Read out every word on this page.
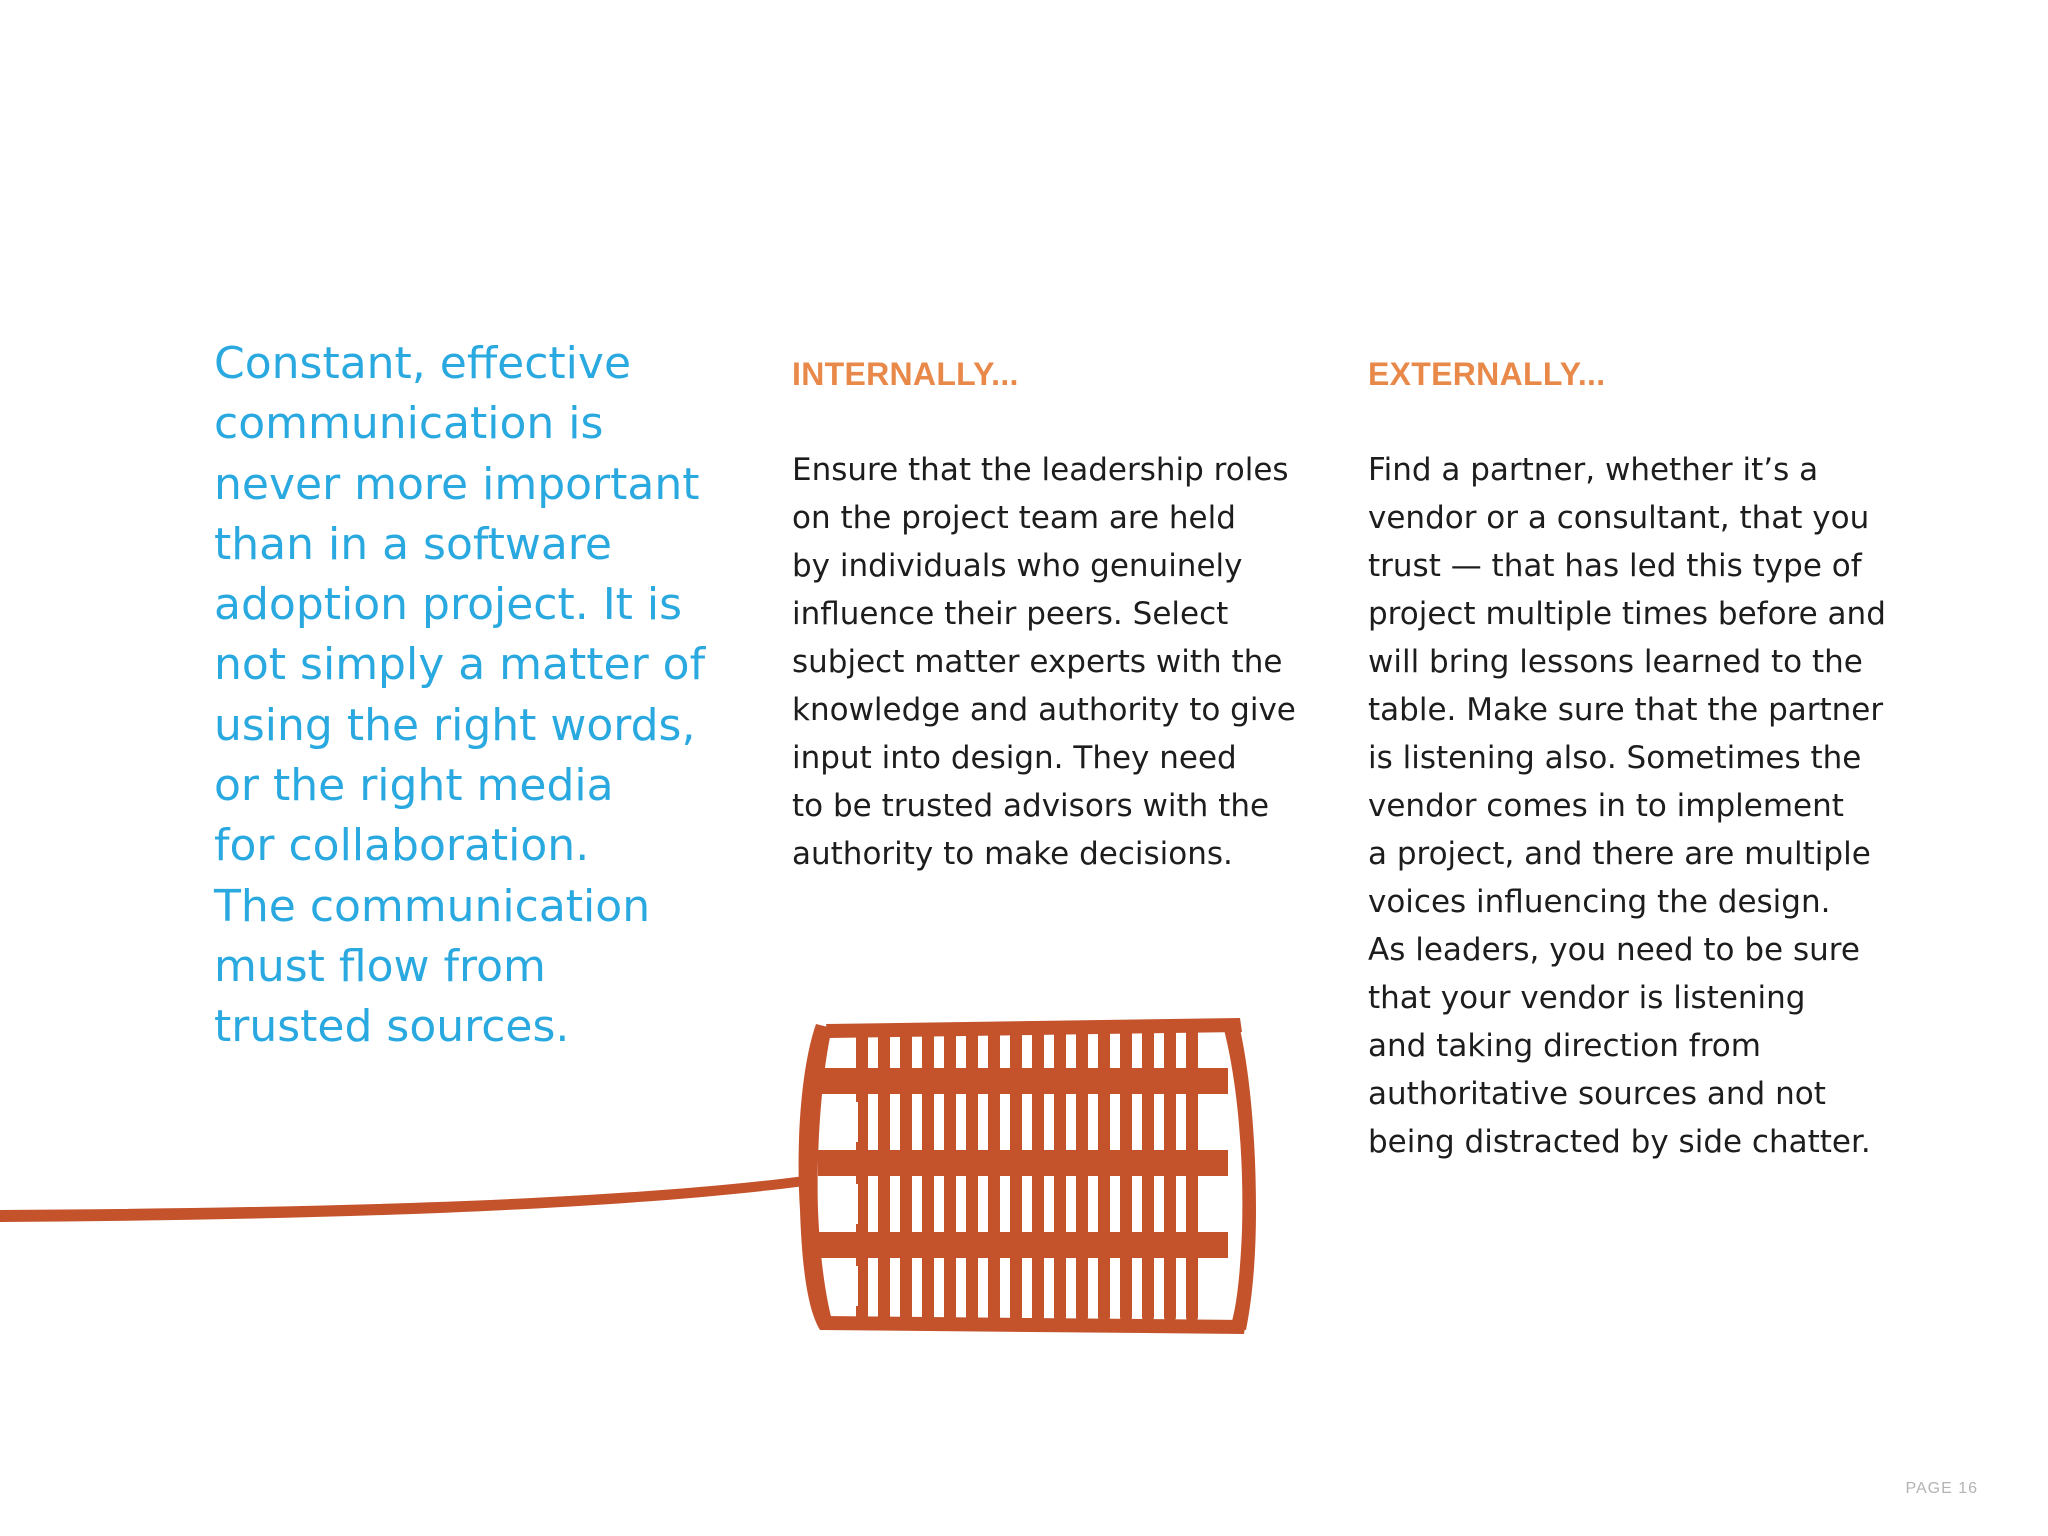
Constant, effective
communication is
never more important
than in a software
adoption project. It is
not simply a matter of
using the right words,
or the right media
for collaboration.
The communication
must flow from
trusted sources.
INTERNALLY...
Ensure that the leadership roles
on the project team are held
by individuals who genuinely
influence their peers. Select
subject matter experts with the
knowledge and authority to give
input into design. They need
to be trusted advisors with the
authority to make decisions.
EXTERNALLY...
Find a partner, whether it’s a
vendor or a consultant, that you
trust — that has led this type of
project multiple times before and
will bring lessons learned to the
table. Make sure that the partner
is listening also. Sometimes the
vendor comes in to implement
a project, and there are multiple
voices influencing the design.
As leaders, you need to be sure
that your vendor is listening
and taking direction from
authoritative sources and not
being distracted by side chatter.
PAGE 16
